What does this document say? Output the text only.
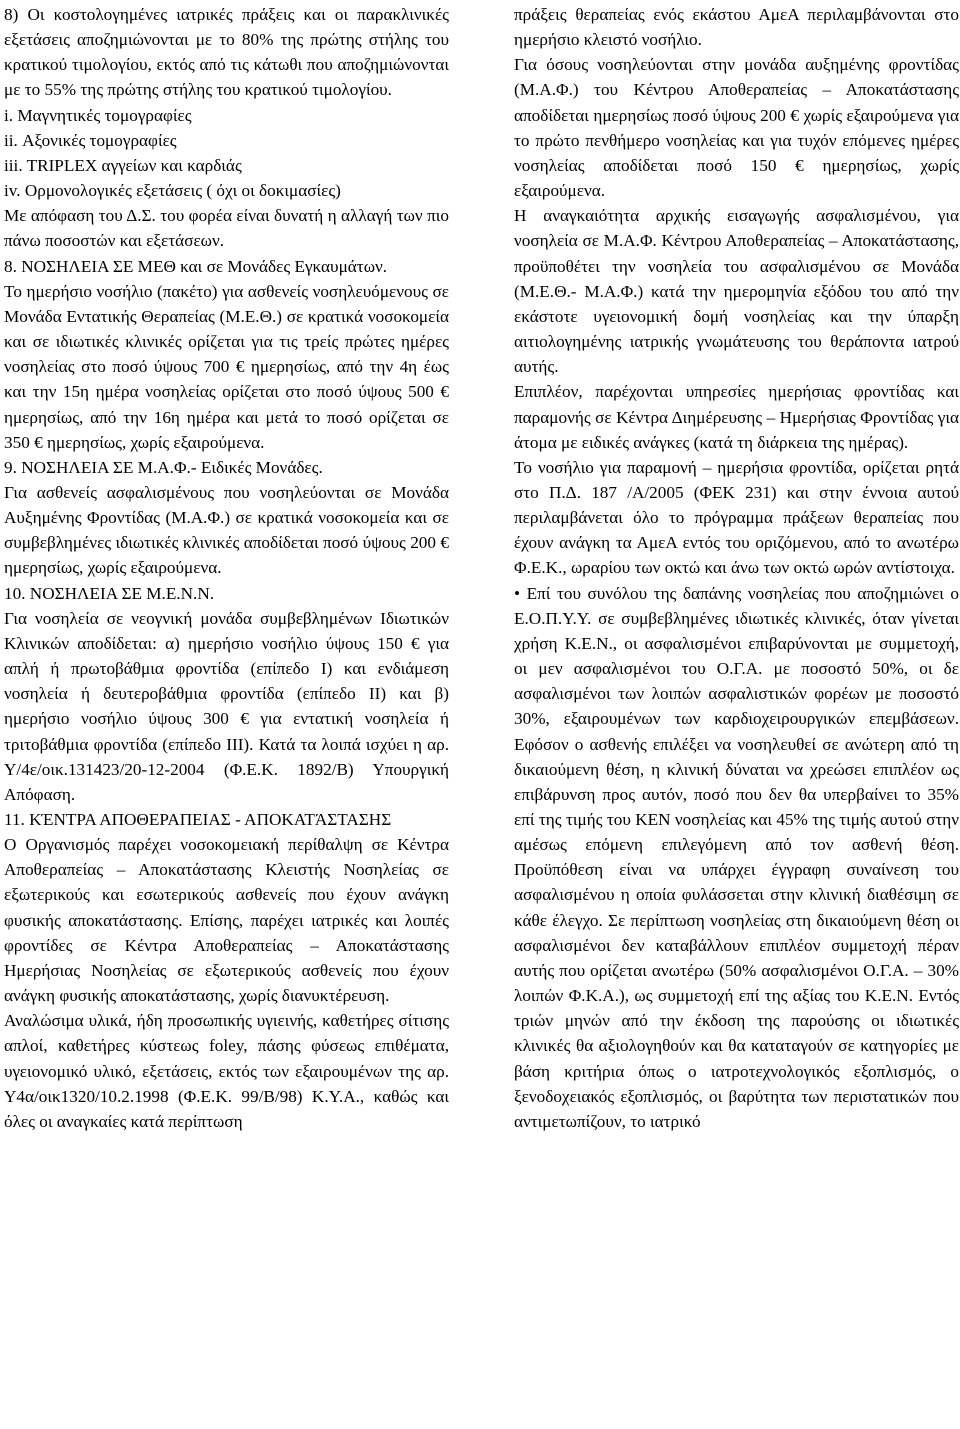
8) Οι κοστολογημένες ιατρικές πράξεις και οι παρακλινικές εξετάσεις αποζημιώνονται με το 80% της πρώτης στήλης του κρατικού τιμολογίου, εκτός από τις κάτωθι που αποζημιώνονται με το 55% της πρώτης στήλης του κρατικού τιμολογίου.

i. Μαγνητικές τομογραφίες

ii. Αξονικές τομογραφίες

iii. TRIPLEX αγγείων και καρδιάς

iv. Ορμονολογικές εξετάσεις ( όχι οι δοκιμασίες)

Με απόφαση του Δ.Σ. του φορέα είναι δυνατή η αλλαγή των πιο πάνω ποσοστών και εξετάσεων.

8. ΝΟΣΗΛΕΙΑ ΣΕ ΜΕΘ και σε Μονάδες Εγκαυμάτων.

Το ημερήσιο νοσήλιο (πακέτο) για ασθενείς νοσηλευόμενους σε Μονάδα Εντατικής Θεραπείας (Μ.Ε.Θ.) σε κρατικά νοσοκομεία και σε ιδιωτικές κλινικές ορίζεται για τις τρείς πρώτες ημέρες νοσηλείας στο ποσό ύψους 700 € ημερησίως, από την 4η έως και την 15η ημέρα νοσηλείας ορίζεται στο ποσό ύψους 500 € ημερησίως, από την 16η ημέρα και μετά το ποσό ορίζεται σε 350 € ημερησίως, χωρίς εξαιρούμενα.

9. ΝΟΣΗΛΕΙΑ ΣΕ Μ.Α.Φ.- Ειδικές Μονάδες.

Για ασθενείς ασφαλισμένους που νοσηλεύονται σε Μονάδα Αυξημένης Φροντίδας (Μ.Α.Φ.) σε κρατικά νοσοκομεία και σε συμβεβλημένες ιδιωτικές κλινικές αποδίδεται ποσό ύψους 200 € ημερησίως, χωρίς εξαιρούμενα.

10. ΝΟΣΗΛΕΙΑ ΣΕ Μ.Ε.Ν.Ν.

Για νοσηλεία σε νεογνική μονάδα συμβεβλημένων Ιδιωτικών Κλινικών αποδίδεται: α) ημερήσιο νοσήλιο ύψους 150 € για απλή ή πρωτοβάθμια φροντίδα (επίπεδο Ι) και ενδιάμεση νοσηλεία ή δευτεροβάθμια φροντίδα (επίπεδο ΙΙ) και β) ημερήσιο νοσήλιο ύψους 300 € για εντατική νοσηλεία ή τριτοβάθμια φροντίδα (επίπεδο ΙΙΙ). Κατά τα λοιπά ισχύει η αρ. Υ/4ε/οικ.131423/20-12-2004 (Φ.Ε.Κ. 1892/Β) Υπουργική Απόφαση.

11. ΚΈΝΤΡΑ ΑΠΟΘΕΡΑΠΕΙΑΣ - ΑΠΟΚΑΤΆΣΤΑΣΗΣ

Ο Οργανισμός παρέχει νοσοκομειακή περίθαλψη σε Κέντρα Αποθεραπείας – Αποκατάστασης Κλειστής Νοσηλείας σε εξωτερικούς και εσωτερικούς ασθενείς που έχουν ανάγκη φυσικής αποκατάστασης. Επίσης, παρέχει ιατρικές και λοιπές φροντίδες σε Κέντρα Αποθεραπείας – Αποκατάστασης Ημερήσιας Νοσηλείας σε εξωτερικούς ασθενείς που έχουν ανάγκη φυσικής αποκατάστασης, χωρίς διανυκτέρευση.

Αναλώσιμα υλικά, ήδη προσωπικής υγιεινής, καθετήρες σίτισης απλοί, καθετήρες κύστεως foley, πάσης φύσεως επιθέματα, υγειονομικό υλικό, εξετάσεις, εκτός των εξαιρουμένων της αρ. Υ4α/οικ1320/10.2.1998 (Φ.Ε.Κ. 99/Β/98) Κ.Υ.Α., καθώς και όλες οι αναγκαίες κατά περίπτωση

πράξεις θεραπείας ενός εκάστου ΑμεΑ περιλαμβάνονται στο ημερήσιο κλειστό νοσήλιο.

Για όσους νοσηλεύονται στην μονάδα αυξημένης φροντίδας (Μ.Α.Φ.) του Κέντρου Αποθεραπείας – Αποκατάστασης αποδίδεται ημερησίως ποσό ύψους 200 € χωρίς εξαιρούμενα για το πρώτο πενθήμερο νοσηλείας και για τυχόν επόμενες ημέρες νοσηλείας αποδίδεται ποσό 150 € ημερησίως, χωρίς εξαιρούμενα.

Η αναγκαιότητα αρχικής εισαγωγής ασφαλισμένου, για νοσηλεία σε Μ.Α.Φ. Κέντρου Αποθεραπείας – Αποκατάστασης, προϋποθέτει την νοσηλεία του ασφαλισμένου σε Μονάδα (Μ.Ε.Θ.- Μ.Α.Φ.) κατά την ημερομηνία εξόδου του από την εκάστοτε υγειονομική δομή νοσηλείας και την ύπαρξη αιτιολογημένης ιατρικής γνωμάτευσης του θεράποντα ιατρού αυτής.

Επιπλέον, παρέχονται υπηρεσίες ημερήσιας φροντίδας και παραμονής σε Κέντρα Διημέρευσης – Ημερήσιας Φροντίδας για άτομα με ειδικές ανάγκες (κατά τη διάρκεια της ημέρας).

Το νοσήλιο για παραμονή – ημερήσια φροντίδα, ορίζεται ρητά στο Π.Δ. 187 /Α/2005 (ΦΕΚ 231) και στην έννοια αυτού περιλαμβάνεται όλο το πρόγραμμα πράξεων θεραπείας που έχουν ανάγκη τα ΑμεΑ εντός του οριζόμενου, από το ανωτέρω Φ.Ε.Κ., ωραρίου των οκτώ και άνω των οκτώ ωρών αντίστοιχα.

• Επί του συνόλου της δαπάνης νοσηλείας που αποζημιώνει ο Ε.Ο.Π.Υ.Υ. σε συμβεβλημένες ιδιωτικές κλινικές, όταν γίνεται χρήση Κ.Ε.Ν., οι ασφαλισμένοι επιβαρύνονται με συμμετοχή, οι μεν ασφαλισμένοι του Ο.Γ.Α. με ποσοστό 50%, οι δε ασφαλισμένοι των λοιπών ασφαλιστικών φορέων με ποσοστό 30%, εξαιρουμένων των καρδιοχειρουργικών επεμβάσεων. Εφόσον ο ασθενής επιλέξει να νοσηλευθεί σε ανώτερη από τη δικαιούμενη θέση, η κλινική δύναται να χρεώσει επιπλέον ως επιβάρυνση προς αυτόν, ποσό που δεν θα υπερβαίνει το 35% επί της τιμής του ΚΕΝ νοσηλείας και 45% της τιμής αυτού στην αμέσως επόμενη επιλεγόμενη από τον ασθενή θέση. Προϋπόθεση είναι να υπάρχει έγγραφη συναίνεση του ασφαλισμένου η οποία φυλάσσεται στην κλινική διαθέσιμη σε κάθε έλεγχο. Σε περίπτωση νοσηλείας στη δικαιούμενη θέση οι ασφαλισμένοι δεν καταβάλλουν επιπλέον συμμετοχή πέραν αυτής που ορίζεται ανωτέρω (50% ασφαλισμένοι Ο.Γ.Α. – 30% λοιπών Φ.Κ.Α.), ως συμμετοχή επί της αξίας του Κ.Ε.Ν. Εντός τριών μηνών από την έκδοση της παρούσης οι ιδιωτικές κλινικές θα αξιολογηθούν και θα καταταγούν σε κατηγορίες με βάση κριτήρια όπως ο ιατροτεχνολογικός εξοπλισμός, ο ξενοδοχειακός εξοπλισμός, οι βαρύτητα των περιστατικών που αντιμετωπίζουν, το ιατρικό
